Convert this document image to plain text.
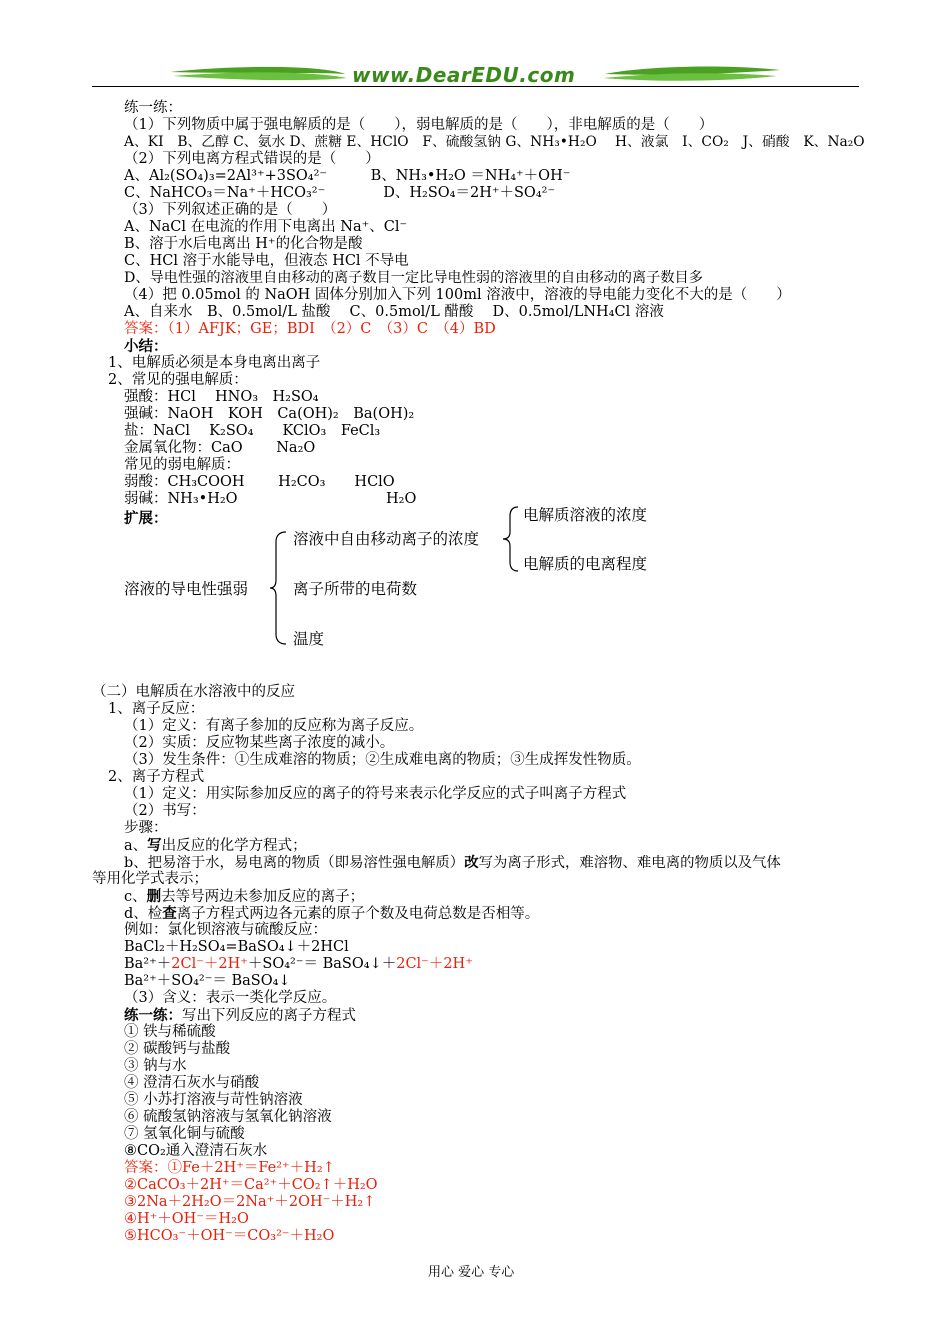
www.DearEDU.com
练一练：
（1）下列物质中属于强电解质的是（　　），弱电解质的是（　　），非电解质的是（　　）
A、KI　B、乙醇 C、氨水 D、蔗糖 E、HClO　F、硫酸氢钠 G、NH₃•H₂O　 H、液氯　I、CO₂　J、硝酸　K、Na₂O
（2）下列电离方程式错误的是（　　）
A、Al₂(SO₄)₃=2Al³⁺+3SO₄²⁻　　　B、NH₃•H₂O ＝NH₄⁺＋OH⁻
C、NaHCO₃＝Na⁺＋HCO₃²⁻　　　　D、H₂SO₄＝2H⁺＋SO₄²⁻
（3）下列叙述正确的是（　　）
A、NaCl 在电流的作用下电离出 Na⁺、Cl⁻
B、溶于水后电离出 H⁺的化合物是酸
C、HCl 溶于水能导电，但液态 HCl 不导电
D、导电性强的溶液里自由移动的离子数目一定比导电性弱的溶液里的自由移动的离子数目多
（4）把 0.05mol 的 NaOH 固体分别加入下列 100ml 溶液中，溶液的导电能力变化不大的是（　　）
A、自来水　B、0.5mol/L 盐酸　 C、0.5mol/L 醋酸　 D、0.5mol/LNH₄Cl 溶液
答案：（1）AFJK；GE；BDI　（2）C　（3）C　（4）BD
小结：
1、电解质必须是本身电离出离子
2、常见的强电解质：
强酸：HCl　 HNO₃　H₂SO₄
强碱：NaOH　KOH　Ca(OH)₂　Ba(OH)₂
盐：NaCl　 K₂SO₄　　KClO₃　FeCl₃
金属氧化物：CaO　　 Na₂O
常见的弱电解质：
弱酸：CH₃COOH　　 H₂CO₃　　HClO
弱碱：NH₃•H₂O	H₂O
扩展：
溶液的导电性强弱
溶液中自由移动离子的浓度
离子所带的电荷数
温度
电解质溶液的浓度
电解质的电离程度
（二）电解质在水溶液中的反应
1、离子反应：
（1）定义：有离子参加的反应称为离子反应。
（2）实质：反应物某些离子浓度的减小。
（3）发生条件：①生成难溶的物质；②生成难电离的物质；③生成挥发性物质。
2、离子方程式
（1）定义：用实际参加反应的离子的符号来表示化学反应的式子叫离子方程式
（2）书写：
步骤：
a、写出反应的化学方程式；
b、把易溶于水，易电离的物质（即易溶性强电解质）改写为离子形式，难溶物、难电离的物质以及气体
等用化学式表示；
c、删去等号两边未参加反应的离子；
d、检查离子方程式两边各元素的原子个数及电荷总数是否相等。
例如：氯化钡溶液与硫酸反应：
BaCl₂＋H₂SO₄=BaSO₄↓＋2HCl
Ba²⁺＋2Cl⁻＋2H⁺＋SO₄²⁻＝ BaSO₄↓＋2Cl⁻＋2H⁺
Ba²⁺＋SO₄²⁻＝ BaSO₄↓
（3）含义：表示一类化学反应。
练一练：写出下列反应的离子方程式
① 铁与稀硫酸
② 碳酸钙与盐酸
③ 钠与水
④ 澄清石灰水与硝酸
⑤ 小苏打溶液与苛性钠溶液
⑥ 硫酸氢钠溶液与氢氧化钠溶液
⑦ 氢氧化铜与硫酸
⑧CO₂通入澄清石灰水
答案：①Fe＋2H⁺＝Fe²⁺＋H₂↑
②CaCO₃＋2H⁺＝Ca²⁺＋CO₂↑＋H₂O
③2Na＋2H₂O＝2Na⁺＋2OH⁻＋H₂↑
④H⁺＋OH⁻＝H₂O
⑤HCO₃⁻＋OH⁻＝CO₃²⁻＋H₂O
用心 爱心 专心
